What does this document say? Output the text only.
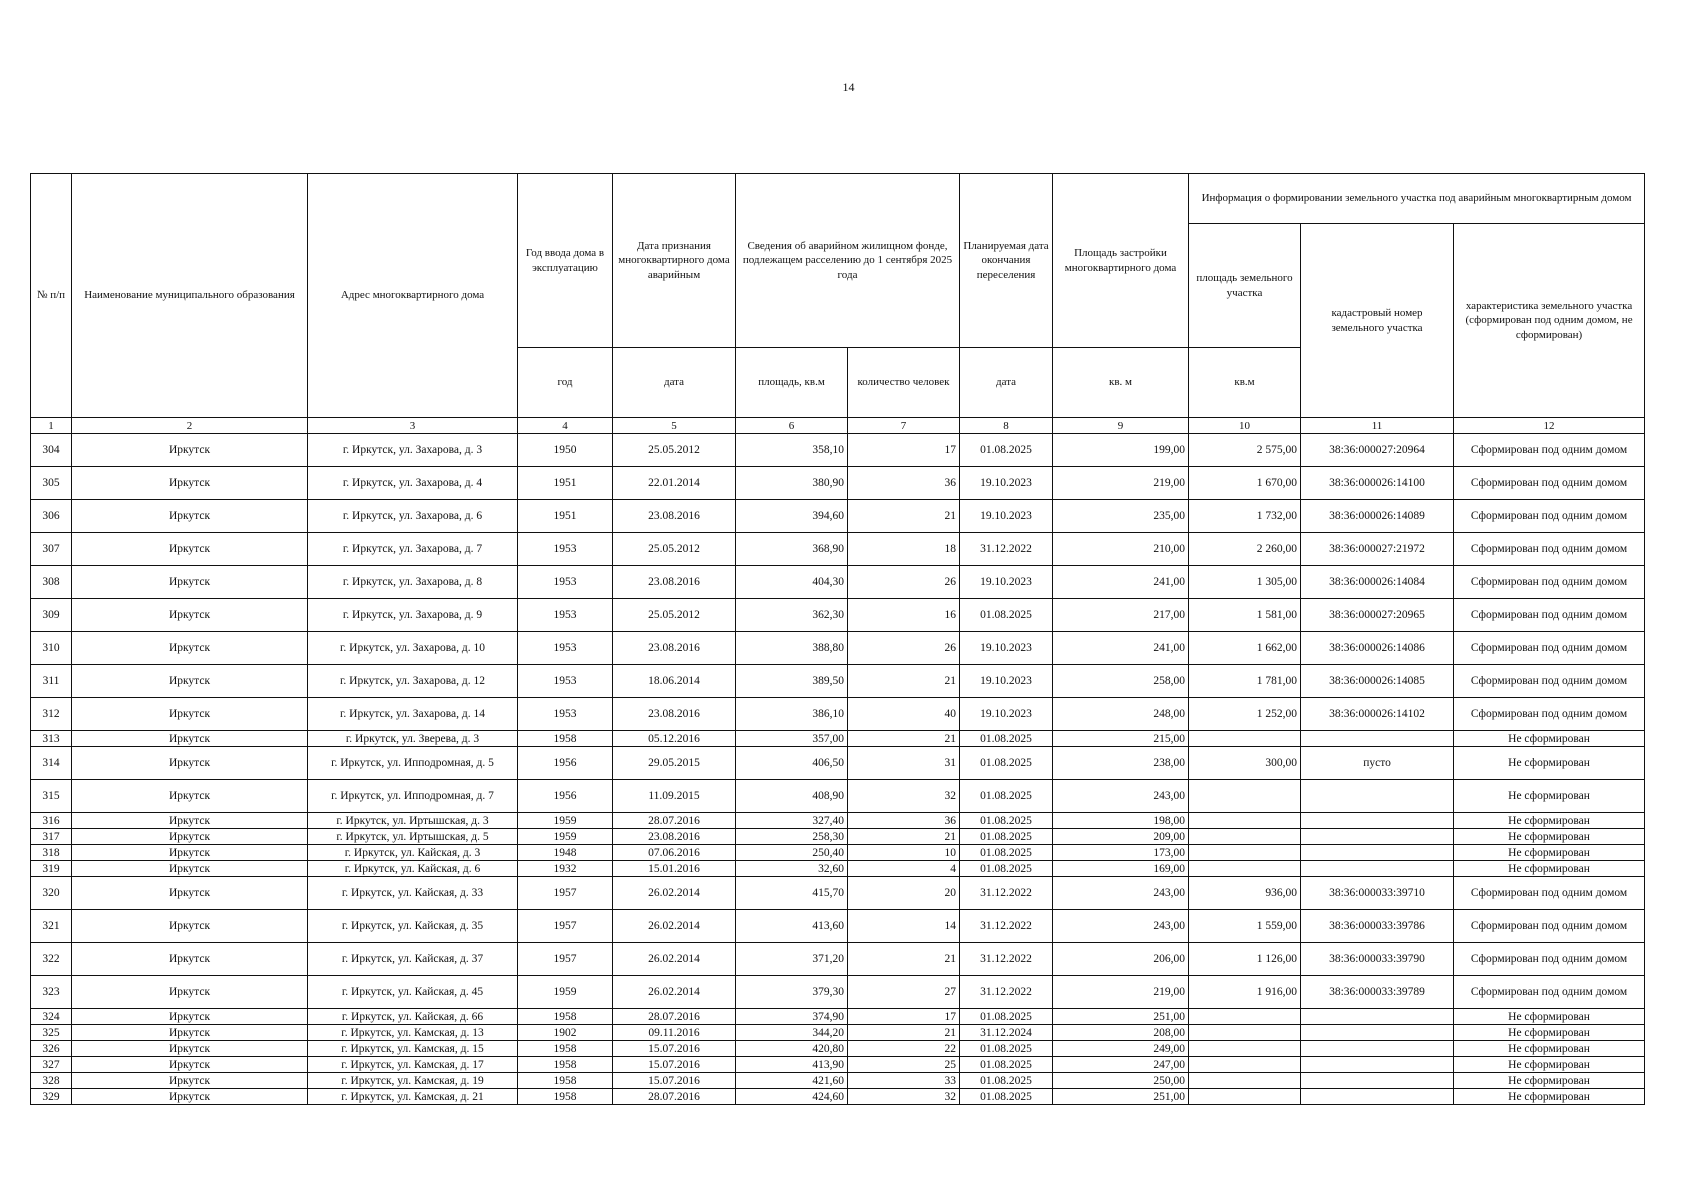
14
№ п/п	Наименование муниципального образования	Адрес многоквартирного дома	Год ввода дома в эксплуатацию	Дата признания многоквартирного дома аварийным	Сведения об аварийном жилищном фонде, подлежащем расселению до 1 сентября 2025 года		Планируемая дата окончания переселения	Площадь застройки многоквартирного дома	Информация о формировании земельного участка под аварийным многоквартирным домом		
									площадь земельного участка	кадастровый номер земельного участка	характеристика земельного участка (сформирован под одним домом, не сформирован)
			год	дата	площадь, кв.м	количество человек	дата	кв. м	кв.м		
1	2	3	4	5	6	7	8	9	10	11	12
304	Иркутск	г. Иркутск, ул. Захарова, д. 3	1950	25.05.2012	358,10	17	01.08.2025	199,00	2 575,00	38:36:000027:20964	Сформирован под одним домом
305	Иркутск	г. Иркутск, ул. Захарова, д. 4	1951	22.01.2014	380,90	36	19.10.2023	219,00	1 670,00	38:36:000026:14100	Сформирован под одним домом
306	Иркутск	г. Иркутск, ул. Захарова, д. 6	1951	23.08.2016	394,60	21	19.10.2023	235,00	1 732,00	38:36:000026:14089	Сформирован под одним домом
307	Иркутск	г. Иркутск, ул. Захарова, д. 7	1953	25.05.2012	368,90	18	31.12.2022	210,00	2 260,00	38:36:000027:21972	Сформирован под одним домом
308	Иркутск	г. Иркутск, ул. Захарова, д. 8	1953	23.08.2016	404,30	26	19.10.2023	241,00	1 305,00	38:36:000026:14084	Сформирован под одним домом
309	Иркутск	г. Иркутск, ул. Захарова, д. 9	1953	25.05.2012	362,30	16	01.08.2025	217,00	1 581,00	38:36:000027:20965	Сформирован под одним домом
310	Иркутск	г. Иркутск, ул. Захарова, д. 10	1953	23.08.2016	388,80	26	19.10.2023	241,00	1 662,00	38:36:000026:14086	Сформирован под одним домом
311	Иркутск	г. Иркутск, ул. Захарова, д. 12	1953	18.06.2014	389,50	21	19.10.2023	258,00	1 781,00	38:36:000026:14085	Сформирован под одним домом
312	Иркутск	г. Иркутск, ул. Захарова, д. 14	1953	23.08.2016	386,10	40	19.10.2023	248,00	1 252,00	38:36:000026:14102	Сформирован под одним домом
313	Иркутск	г. Иркутск, ул. Зверева, д. 3	1958	05.12.2016	357,00	21	01.08.2025	215,00			Не сформирован
314	Иркутск	г. Иркутск, ул. Ипподромная, д. 5	1956	29.05.2015	406,50	31	01.08.2025	238,00	300,00	пусто	Не сформирован
315	Иркутск	г. Иркутск, ул. Ипподромная, д. 7	1956	11.09.2015	408,90	32	01.08.2025	243,00			Не сформирован
316	Иркутск	г. Иркутск, ул. Иртышская, д. 3	1959	28.07.2016	327,40	36	01.08.2025	198,00			Не сформирован
317	Иркутск	г. Иркутск, ул. Иртышская, д. 5	1959	23.08.2016	258,30	21	01.08.2025	209,00			Не сформирован
318	Иркутск	г. Иркутск, ул. Кайская, д. 3	1948	07.06.2016	250,40	10	01.08.2025	173,00			Не сформирован
319	Иркутск	г. Иркутск, ул. Кайская, д. 6	1932	15.01.2016	32,60	4	01.08.2025	169,00			Не сформирован
320	Иркутск	г. Иркутск, ул. Кайская, д. 33	1957	26.02.2014	415,70	20	31.12.2022	243,00	936,00	38:36:000033:39710	Сформирован под одним домом
321	Иркутск	г. Иркутск, ул. Кайская, д. 35	1957	26.02.2014	413,60	14	31.12.2022	243,00	1 559,00	38:36:000033:39786	Сформирован под одним домом
322	Иркутск	г. Иркутск, ул. Кайская, д. 37	1957	26.02.2014	371,20	21	31.12.2022	206,00	1 126,00	38:36:000033:39790	Сформирован под одним домом
323	Иркутск	г. Иркутск, ул. Кайская, д. 45	1959	26.02.2014	379,30	27	31.12.2022	219,00	1 916,00	38:36:000033:39789	Сформирован под одним домом
324	Иркутск	г. Иркутск, ул. Кайская, д. 66	1958	28.07.2016	374,90	17	01.08.2025	251,00			Не сформирован
325	Иркутск	г. Иркутск, ул. Камская, д. 13	1902	09.11.2016	344,20	21	31.12.2024	208,00			Не сформирован
326	Иркутск	г. Иркутск, ул. Камская, д. 15	1958	15.07.2016	420,80	22	01.08.2025	249,00			Не сформирован
327	Иркутск	г. Иркутск, ул. Камская, д. 17	1958	15.07.2016	413,90	25	01.08.2025	247,00			Не сформирован
328	Иркутск	г. Иркутск, ул. Камская, д. 19	1958	15.07.2016	421,60	33	01.08.2025	250,00			Не сформирован
329	Иркутск	г. Иркутск, ул. Камская, д. 21	1958	28.07.2016	424,60	32	01.08.2025	251,00			Не сформирован
